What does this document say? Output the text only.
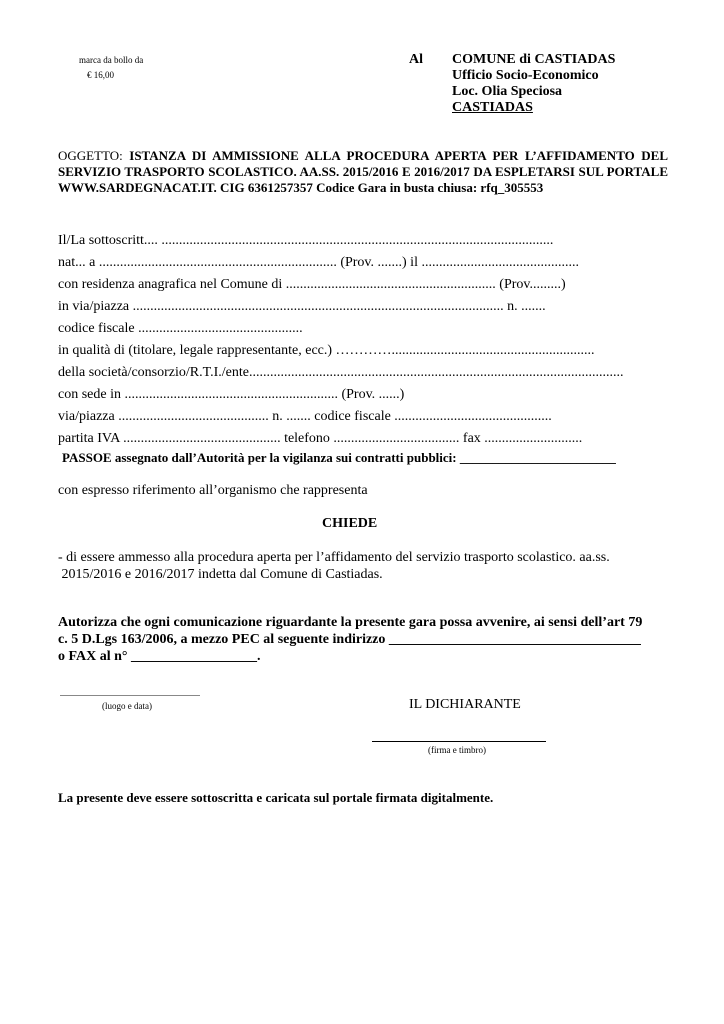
marca da bollo da
€ 16,00
Al COMUNE di CASTIADAS
Ufficio Socio-Economico
Loc. Olia Speciosa
CASTIADAS
OGGETTO: ISTANZA DI AMMISSIONE ALLA PROCEDURA APERTA PER L’AFFIDAMENTO DEL SERVIZIO TRASPORTO SCOLASTICO. AA.SS. 2015/2016 E 2016/2017 DA ESPLETARSI SUL PORTALE WWW.SARDEGNACAT.IT. CIG 6361257357 Codice Gara in busta chiusa: rfq_305553
Il/La sottoscritt.... ................................................................................................................
nat... a .................................................................... (Prov. .......) il .............................................
con residenza anagrafica nel Comune di ............................................................ (Prov.........)
in via/piazza .......................................................................................................... n. .......
codice fiscale ...............................................
in qualità di (titolare, legale rappresentante, ecc.) …………..........................................................
della società/consorzio/R.T.I./ente...........................................................................................................
con sede in ............................................................. (Prov. ......)
via/piazza ........................................... n. ....... codice fiscale .............................................
partita IVA ............................................. telefono .................................... fax ............................
PASSOE assegnato dall’Autorità per la vigilanza sui contratti pubblici: ________________________
con espresso riferimento all’organismo che rappresenta
CHIEDE
- di essere ammesso alla procedura aperta per l’affidamento del servizio trasporto scolastico. aa.ss.
2015/2016 e 2016/2017 indetta dal Comune di Castiadas.
Autorizza che ogni comunicazione riguardante la presente gara possa avvenire, ai sensi dell’art 79
c. 5 D.Lgs 163/2006, a mezzo PEC al seguente indirizzo ____________________________________
o FAX al n° __________________.
(luogo e data)	IL DICHIARANTE
(firma e timbro)
La presente deve essere sottoscritta e caricata sul portale firmata digitalmente.
